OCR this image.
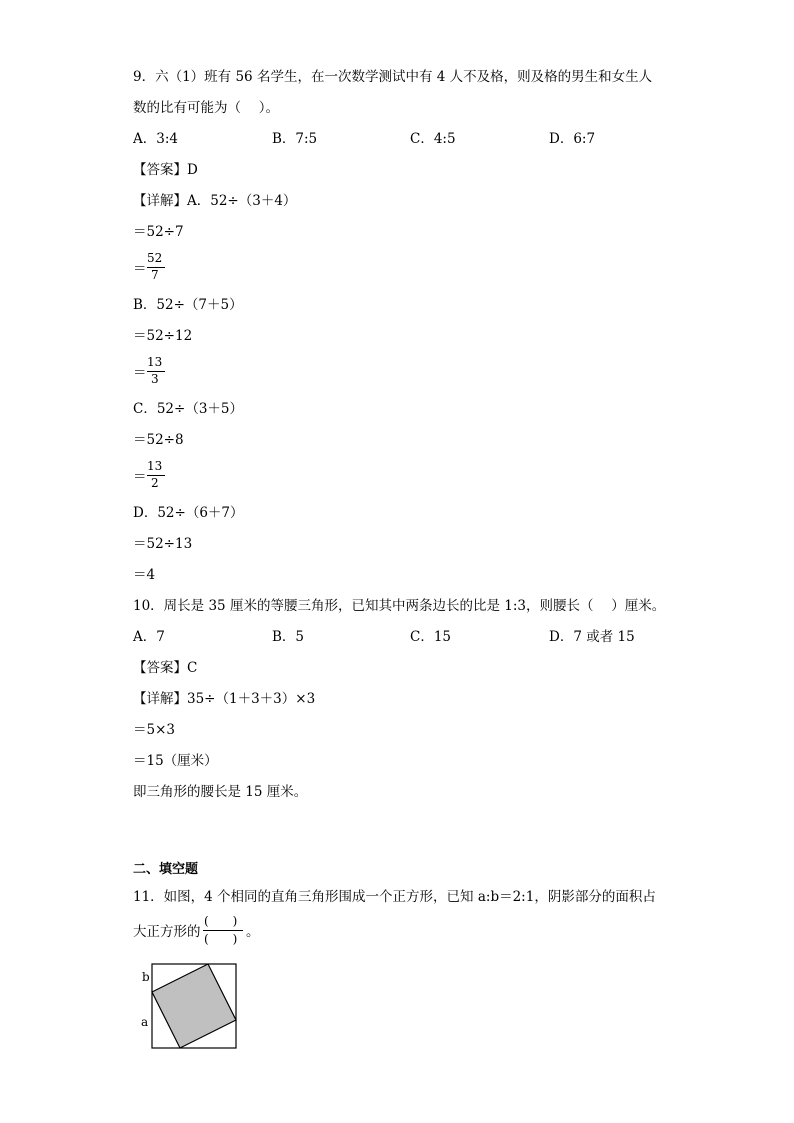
9．六（1）班有 56 名学生，在一次数学测试中有 4 人不及格，则及格的男生和女生人
数的比有可能为（　 ）。
A．3:4	B．7:5	C．4:5	D．6:7
【答案】D
【详解】A．52÷（3＋4）
＝52÷7
＝
52
7
B．52÷（7＋5）
＝52÷12
＝
13
3
C．52÷（3＋5）
＝52÷8
＝
13
2
D．52÷（6＋7）
＝52÷13
＝4
10．周长是 35 厘米的等腰三角形，已知其中两条边长的比是 1:3，则腰长（　 ）厘米。
A．7	B．5	C．15	D．7 或者 15
【答案】C
【详解】35÷（1＋3＋3）×3
＝5×3
＝15（厘米）
即三角形的腰长是 15 厘米。
二、填空题
11．如图，4 个相同的直角三角形围成一个正方形，已知 a:b＝2:1，阴影部分的面积占
大正方形的
(　　)
(　　) 。
b
a
